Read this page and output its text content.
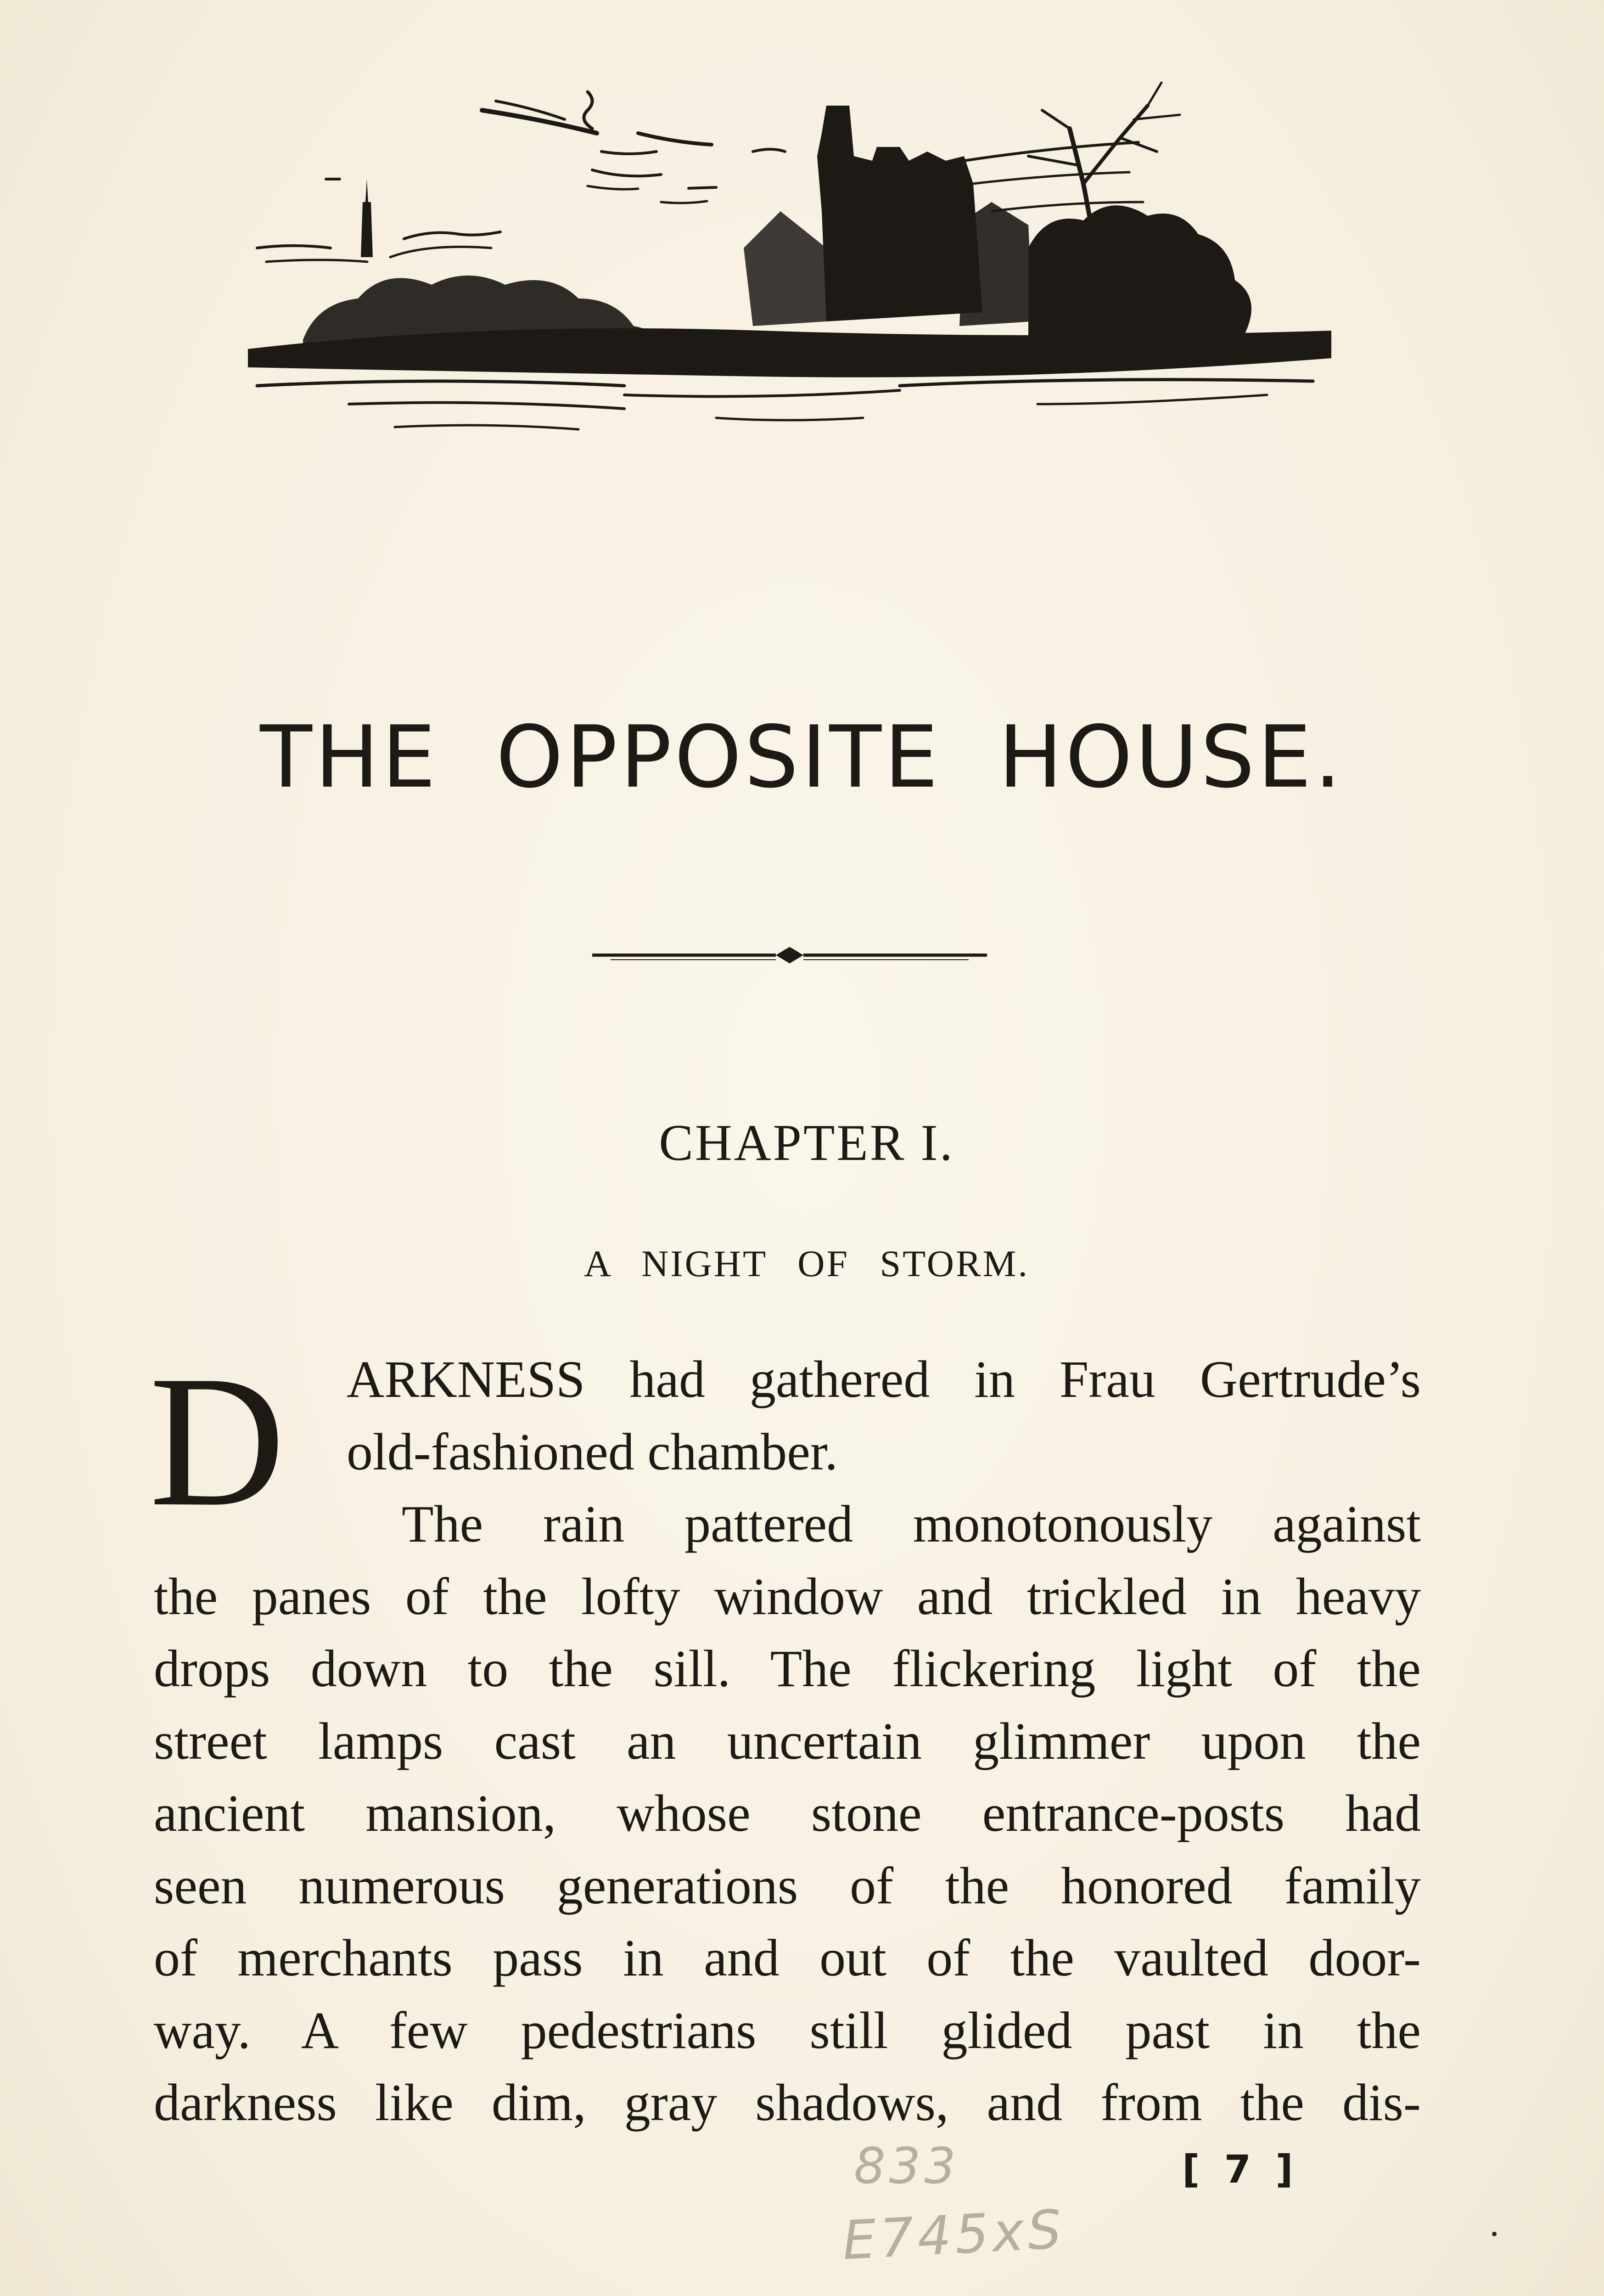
THE OPPOSITE HOUSE.
CHAPTER I.
A NIGHT OF STORM.
D	ARKNESS had gathered in Frau Gertrude’s
old-fashioned chamber.
The rain pattered monotonously against
the panes of the lofty window and trickled in heavy
drops down to the sill. The flickering light of the
street lamps cast an uncertain glimmer upon the
ancient mansion, whose stone entrance-posts had
seen numerous generations of the honored family
of merchants pass in and out of the vaulted door-
way. A few pedestrians still glided past in the
darkness like dim, gray shadows, and from the dis-
833
E745xS
[ 7 ]
